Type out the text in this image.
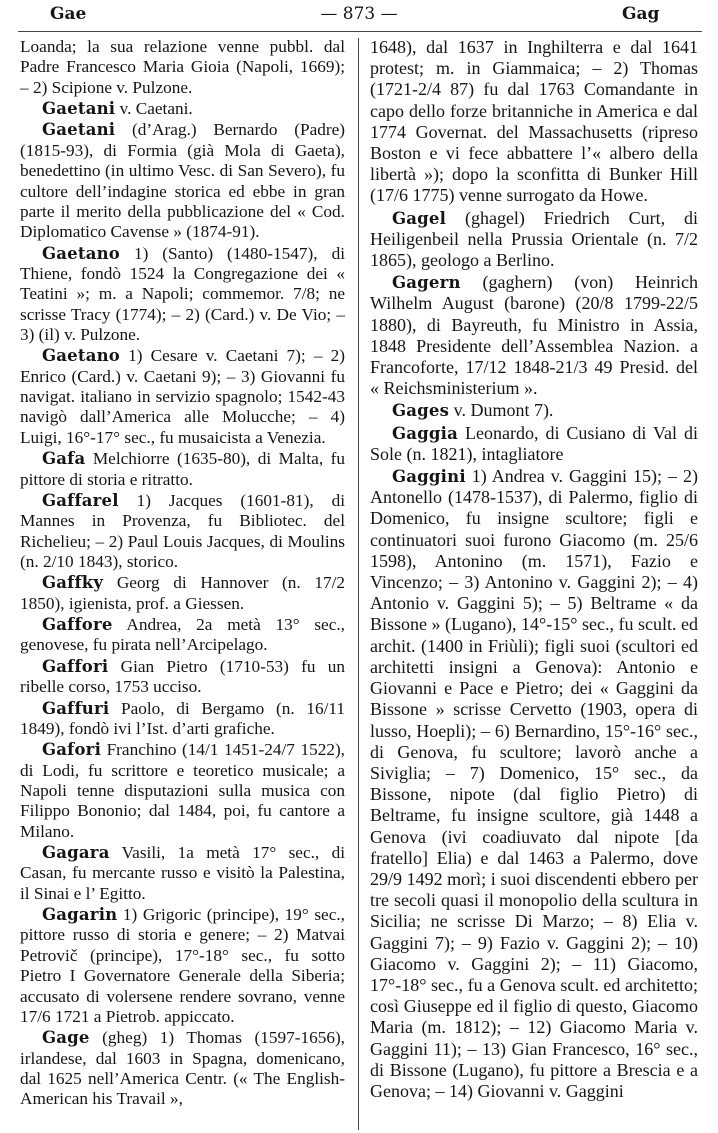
Gae	— 873 —	Gag

Loanda; la sua relazione venne pubbl. dal Padre Francesco Maria Gioia (Napoli, 1669); – 2) Scipione v. Pulzone.

Gaetani v. Caetani.

Gaetani (d’Arag.) Bernardo (Padre) (1815-93), di Formia (già Mola di Gaeta), benedettino (in ultimo Vesc. di San Severo), fu cultore dell’indagine storica ed ebbe in gran parte il merito della pubblicazione del « Cod. Diplomatico Cavense » (1874-91).

Gaetano 1) (Santo) (1480-1547), di Thiene, fondò 1524 la Congregazione dei « Teatini »; m. a Napoli; commemor. 7/8; ne scrisse Tracy (1774); – 2) (Card.) v. De Vio; – 3) (il) v. Pulzone.

Gaetano 1) Cesare v. Caetani 7); – 2) Enrico (Card.) v. Caetani 9); – 3) Giovanni fu navigat. italiano in servizio spagnolo; 1542-43 navigò dall’America alle Molucche; – 4) Luigi, 16°-17° sec., fu musaicista a Venezia.

Gafa Melchiorre (1635-80), di Malta, fu pittore di storia e ritratto.

Gaffarel 1) Jacques (1601-81), di Mannes in Provenza, fu Bibliotec. del Richelieu; – 2) Paul Louis Jacques, di Moulins (n. 2/10 1843), storico.

Gaffky Georg di Hannover (n. 17/2 1850), igienista, prof. a Giessen.

Gaffore Andrea, 2a metà 13° sec., genovese, fu pirata nell’Arcipelago.

Gaffori Gian Pietro (1710-53) fu un ribelle corso, 1753 ucciso.

Gaffuri Paolo, di Bergamo (n. 16/11 1849), fondò ivi l’Ist. d’arti grafiche.

Gafori Franchino (14/1 1451-24/7 1522), di Lodi, fu scrittore e teoretico musicale; a Napoli tenne disputazioni sulla musica con Filippo Bononio; dal 1484, poi, fu cantore a Milano.

Gagara Vasili, 1a metà 17° sec., di Casan, fu mercante russo e visitò la Palestina, il Sinai e l’ Egitto.

Gagarin 1) Grigoric (principe), 19° sec., pittore russo di storia e genere; – 2) Matvai Petrovič (principe), 17°-18° sec., fu sotto Pietro I Governatore Generale della Siberia; accusato di volersene rendere sovrano, venne 17/6 1721 a Pietrob. appiccato.

Gage (gheg) 1) Thomas (1597-1656), irlandese, dal 1603 in Spagna, domenicano, dal 1625 nell’America Centr. (« The English-American his Travail »,

1648), dal 1637 in Inghilterra e dal 1641 protest; m. in Giammaica; – 2) Thomas (1721-2/4 87) fu dal 1763 Comandante in capo dello forze britanniche in America e dal 1774 Governat. del Massachusetts (ripreso Boston e vi fece abbattere l’« albero della libertà »); dopo la sconfitta di Bunker Hill (17/6 1775) venne surrogato da Howe.

Gagel (ghagel) Friedrich Curt, di Heiligenbeil nella Prussia Orientale (n. 7/2 1865), geologo a Berlino.

Gagern (gaghern) (von) Heinrich Wilhelm August (barone) (20/8 1799-22/5 1880), di Bayreuth, fu Ministro in Assia, 1848 Presidente dell’Assemblea Nazion. a Francoforte, 17/12 1848-21/3 49 Presid. del « Reichsministerium ».

Gages v. Dumont 7).

Gaggia Leonardo, di Cusiano di Val di Sole (n. 1821), intagliatore

Gaggini 1) Andrea v. Gaggini 15); – 2) Antonello (1478-1537), di Palermo, figlio di Domenico, fu insigne scultore; figli e continuatori suoi furono Giacomo (m. 25/6 1598), Antonino (m. 1571), Fazio e Vincenzo; – 3) Antonino v. Gaggini 2); – 4) Antonio v. Gaggini 5); – 5) Beltrame « da Bissone » (Lugano), 14°-15° sec., fu scult. ed archit. (1400 in Friùli); figli suoi (scultori ed architetti insigni a Genova): Antonio e Giovanni e Pace e Pietro; dei « Gaggini da Bissone » scrisse Cervetto (1903, opera di lusso, Hoepli); – 6) Bernardino, 15°-16° sec., di Genova, fu scultore; lavorò anche a Siviglia; – 7) Domenico, 15° sec., da Bissone, nipote (dal figlio Pietro) di Beltrame, fu insigne scultore, già 1448 a Genova (ivi coadiuvato dal nipote [da fratello] Elia) e dal 1463 a Palermo, dove 29/9 1492 morì; i suoi discendenti ebbero per tre secoli quasi il monopolio della scultura in Sicilia; ne scrisse Di Marzo; – 8) Elia v. Gaggini 7); – 9) Fazio v. Gaggini 2); – 10) Giacomo v. Gaggini 2); – 11) Giacomo, 17°-18° sec., fu a Genova scult. ed architetto; così Giuseppe ed il figlio di questo, Giacomo Maria (m. 1812); – 12) Giacomo Maria v. Gaggini 11); – 13) Gian Francesco, 16° sec., di Bissone (Lugano), fu pittore a Brescia e a Genova; – 14) Giovanni v. Gaggini
